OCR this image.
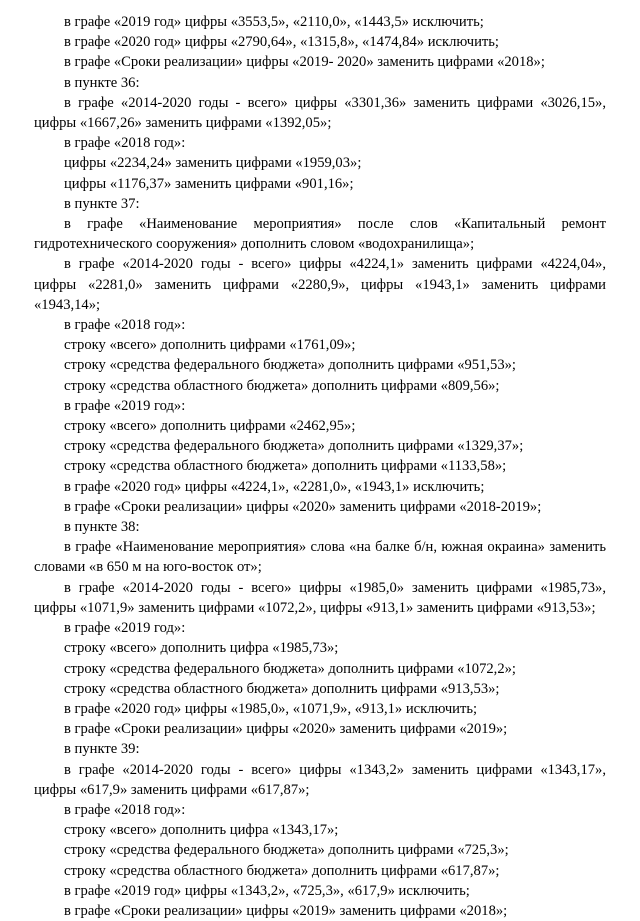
в графе «2019 год» цифры «3553,5», «2110,0», «1443,5» исключить;

в графе «2020 год» цифры «2790,64», «1315,8», «1474,84» исключить;

в графе «Сроки реализации» цифры «2019- 2020» заменить цифрами «2018»;

в пункте 36:

в графе «2014-2020 годы - всего» цифры «3301,36» заменить цифрами «3026,15», цифры «1667,26» заменить цифрами «1392,05»;

в графе «2018 год»:

цифры «2234,24» заменить цифрами «1959,03»;

цифры «1176,37» заменить цифрами «901,16»;

в пункте 37:

в графе «Наименование мероприятия» после слов «Капитальный ремонт гидротехнического сооружения» дополнить словом «водохранилища»;

в графе «2014-2020 годы - всего» цифры «4224,1» заменить цифрами «4224,04», цифры «2281,0» заменить цифрами «2280,9», цифры «1943,1» заменить цифрами «1943,14»;

в графе «2018 год»:

строку «всего» дополнить цифрами «1761,09»;

строку «средства федерального бюджета» дополнить цифрами «951,53»;

строку «средства областного бюджета» дополнить цифрами «809,56»;

в графе «2019 год»:

строку «всего» дополнить цифрами «2462,95»;

строку «средства федерального бюджета» дополнить цифрами «1329,37»;

строку «средства областного бюджета» дополнить цифрами «1133,58»;

в графе «2020 год» цифры «4224,1», «2281,0», «1943,1» исключить;

в графе «Сроки реализации» цифры «2020» заменить цифрами «2018-2019»;

в пункте 38:

в графе «Наименование мероприятия» слова «на балке б/н, южная окраина» заменить словами «в 650 м на юго-восток от»;

в графе «2014-2020 годы - всего» цифры «1985,0» заменить цифрами «1985,73», цифры «1071,9» заменить цифрами «1072,2», цифры «913,1» заменить цифрами «913,53»;

в графе «2019 год»:

строку «всего» дополнить цифра «1985,73»;

строку «средства федерального бюджета» дополнить цифрами «1072,2»;

строку «средства областного бюджета» дополнить цифрами «913,53»;

в графе «2020 год» цифры «1985,0», «1071,9», «913,1» исключить;

в графе «Сроки реализации» цифры «2020» заменить цифрами «2019»;

в пункте 39:

в графе «2014-2020 годы - всего» цифры «1343,2» заменить цифрами «1343,17», цифры «617,9» заменить цифрами «617,87»;

в графе «2018 год»:

строку «всего» дополнить цифра «1343,17»;

строку «средства федерального бюджета» дополнить цифрами «725,3»;

строку «средства областного бюджета» дополнить цифрами «617,87»;

в графе «2019 год» цифры «1343,2», «725,3», «617,9» исключить;

в графе «Сроки реализации» цифры «2019» заменить цифрами «2018»;
